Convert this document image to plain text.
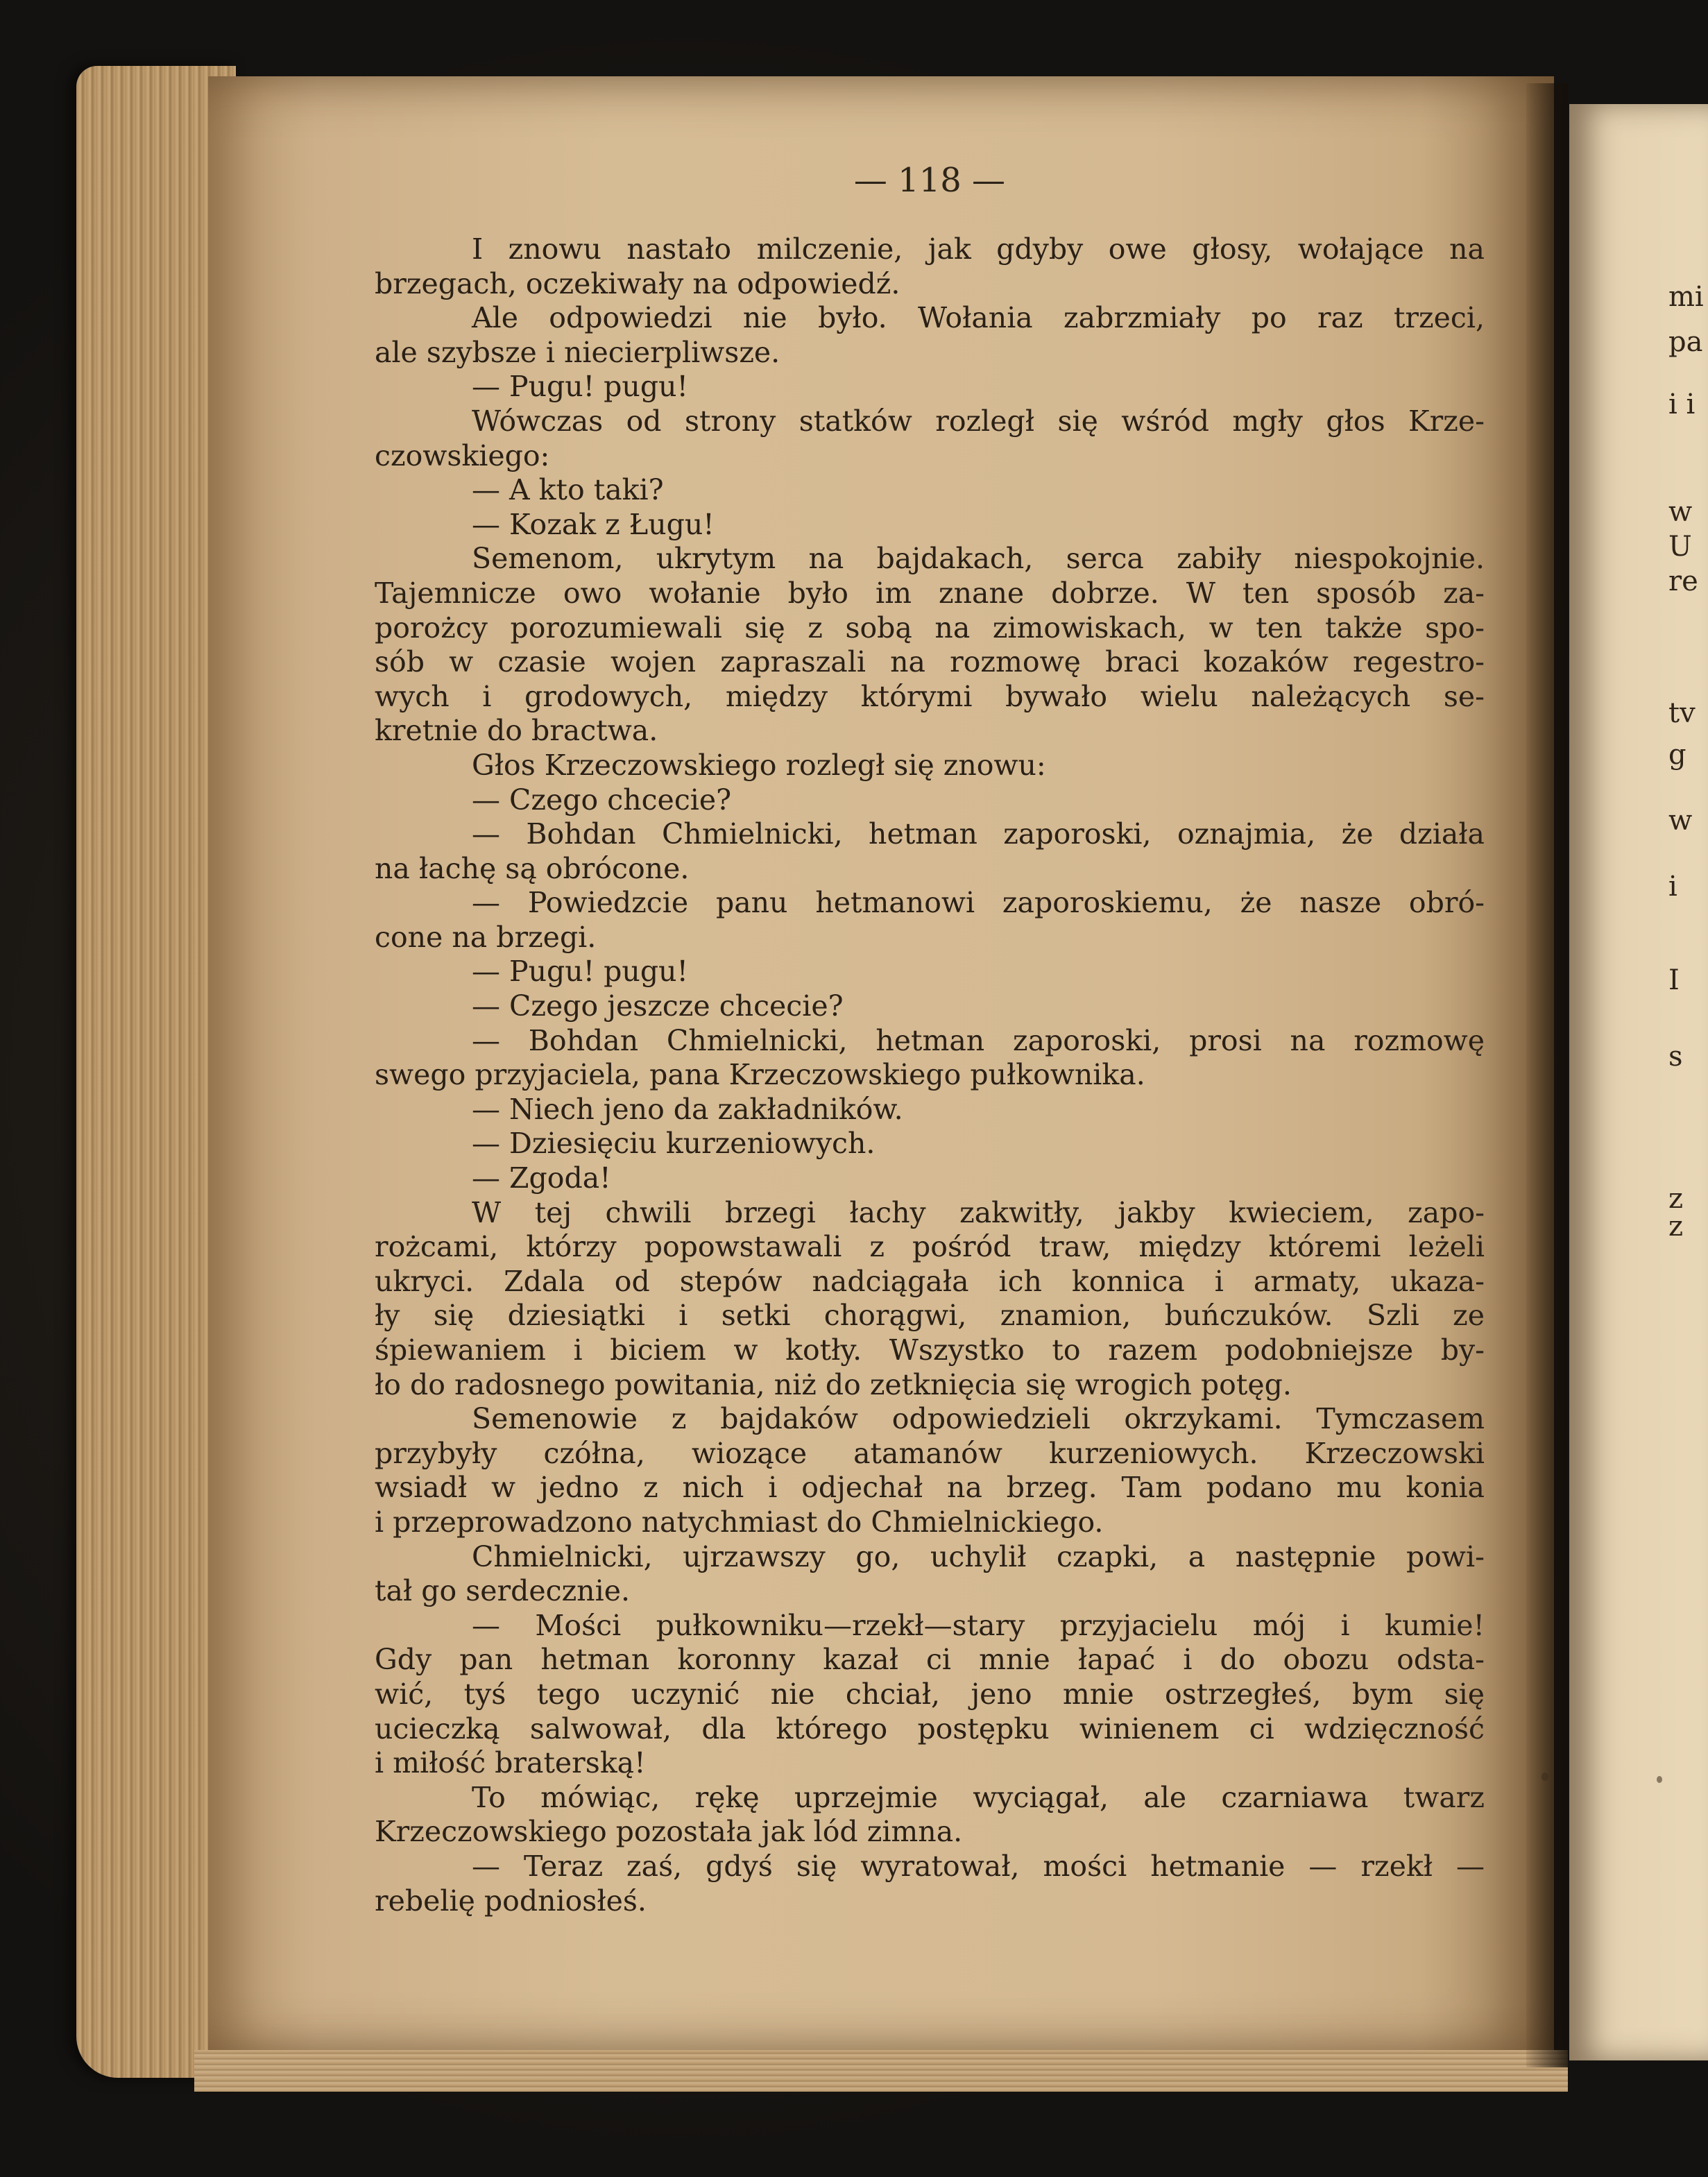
— 118 —
I znowu nastało milczenie, jak gdyby owe głosy, wołające na
brzegach, oczekiwały na odpowiedź.
Ale odpowiedzi nie było. Wołania zabrzmiały po raz trzeci,
ale szybsze i niecierpliwsze.
— Pugu! pugu!
Wówczas od strony statków rozległ się wśród mgły głos Krze-
czowskiego:
— A kto taki?
— Kozak z Ługu!
Semenom, ukrytym na bajdakach, serca zabiły niespokojnie.
Tajemnicze owo wołanie było im znane dobrze. W ten sposób za-
porożcy porozumiewali się z sobą na zimowiskach, w ten także spo-
sób w czasie wojen zapraszali na rozmowę braci kozaków regestro-
wych i grodowych, między którymi bywało wielu należących se-
kretnie do bractwa.
Głos Krzeczowskiego rozległ się znowu:
— Czego chcecie?
— Bohdan Chmielnicki, hetman zaporoski, oznajmia, że działa
na łachę są obrócone.
— Powiedzcie panu hetmanowi zaporoskiemu, że nasze obró-
cone na brzegi.
— Pugu! pugu!
— Czego jeszcze chcecie?
— Bohdan Chmielnicki, hetman zaporoski, prosi na rozmowę
swego przyjaciela, pana Krzeczowskiego pułkownika.
— Niech jeno da zakładników.
— Dziesięciu kurzeniowych.
— Zgoda!
W tej chwili brzegi łachy zakwitły, jakby kwieciem, zapo-
rożcami, którzy popowstawali z pośród traw, między któremi leżeli
ukryci. Zdala od stepów nadciągała ich konnica i armaty, ukaza-
ły się dziesiątki i setki chorągwi, znamion, buńczuków. Szli ze
śpiewaniem i biciem w kotły. Wszystko to razem podobniejsze by-
ło do radosnego powitania, niż do zetknięcia się wrogich potęg.
Semenowie z bajdaków odpowiedzieli okrzykami. Tymczasem
przybyły czółna, wiozące atamanów kurzeniowych. Krzeczowski
wsiadł w jedno z nich i odjechał na brzeg. Tam podano mu konia
i przeprowadzono natychmiast do Chmielnickiego.
Chmielnicki, ujrzawszy go, uchylił czapki, a następnie powi-
tał go serdecznie.
— Mości pułkowniku—rzekł—stary przyjacielu mój i kumie!
Gdy pan hetman koronny kazał ci mnie łapać i do obozu odsta-
wić, tyś tego uczynić nie chciał, jeno mnie ostrzegłeś, bym się
ucieczką salwował, dla którego postępku winienem ci wdzięczność
i miłość braterską!
To mówiąc, rękę uprzejmie wyciągał, ale czarniawa twarz
Krzeczowskiego pozostała jak lód zimna.
— Teraz zaś, gdyś się wyratował, mości hetmanie — rzekł —
rebelię podniosłeś.
mi
pa
i i
w
U
re
tv
g
w
i
I
s
z
z
